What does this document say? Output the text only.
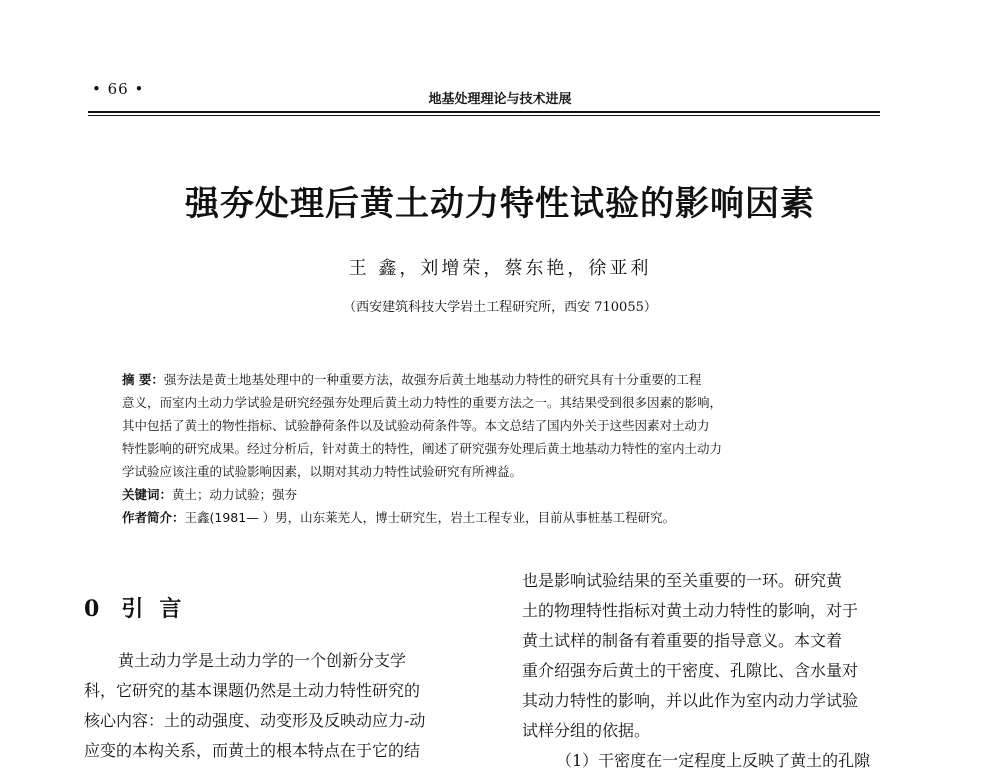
• 66 •
地基处理理论与技术进展
强夯处理后黄土动力特性试验的影响因素
王 鑫，刘增荣，蔡东艳，徐亚利
（西安建筑科技大学岩土工程研究所，西安 710055）
摘 要：强夯法是黄土地基处理中的一种重要方法，故强夯后黄土地基动力特性的研究具有十分重要的工程
意义，而室内土动力学试验是研究经强夯处理后黄土动力特性的重要方法之一。其结果受到很多因素的影响，
其中包括了黄土的物性指标、试验静荷条件以及试验动荷条件等。本文总结了国内外关于这些因素对土动力
特性影响的研究成果。经过分析后，针对黄土的特性，阐述了研究强夯处理后黄土地基动力特性的室内土动力
学试验应该注重的试验影响因素，以期对其动力特性试验研究有所裨益。
关键词：黄土；动力试验；强夯
作者简介：王鑫(1981— ）男，山东莱芜人，博士研究生，岩土工程专业，目前从事桩基工程研究。
0 引言
黄土动力学是土动力学的一个创新分支学
科，它研究的基本课题仍然是土动力特性研究的
核心内容：土的动强度、动变形及反映动应力-动
应变的本构关系，而黄土的根本特点在于它的结
也是影响试验结果的至关重要的一环。研究黄
土的物理特性指标对黄土动力特性的影响，对于
黄土试样的制备有着重要的指导意义。本文着
重介绍强夯后黄土的干密度、孔隙比、含水量对
其动力特性的影响，并以此作为室内动力学试验
试样分组的依据。
（1）干密度在一定程度上反映了黄土的孔隙
